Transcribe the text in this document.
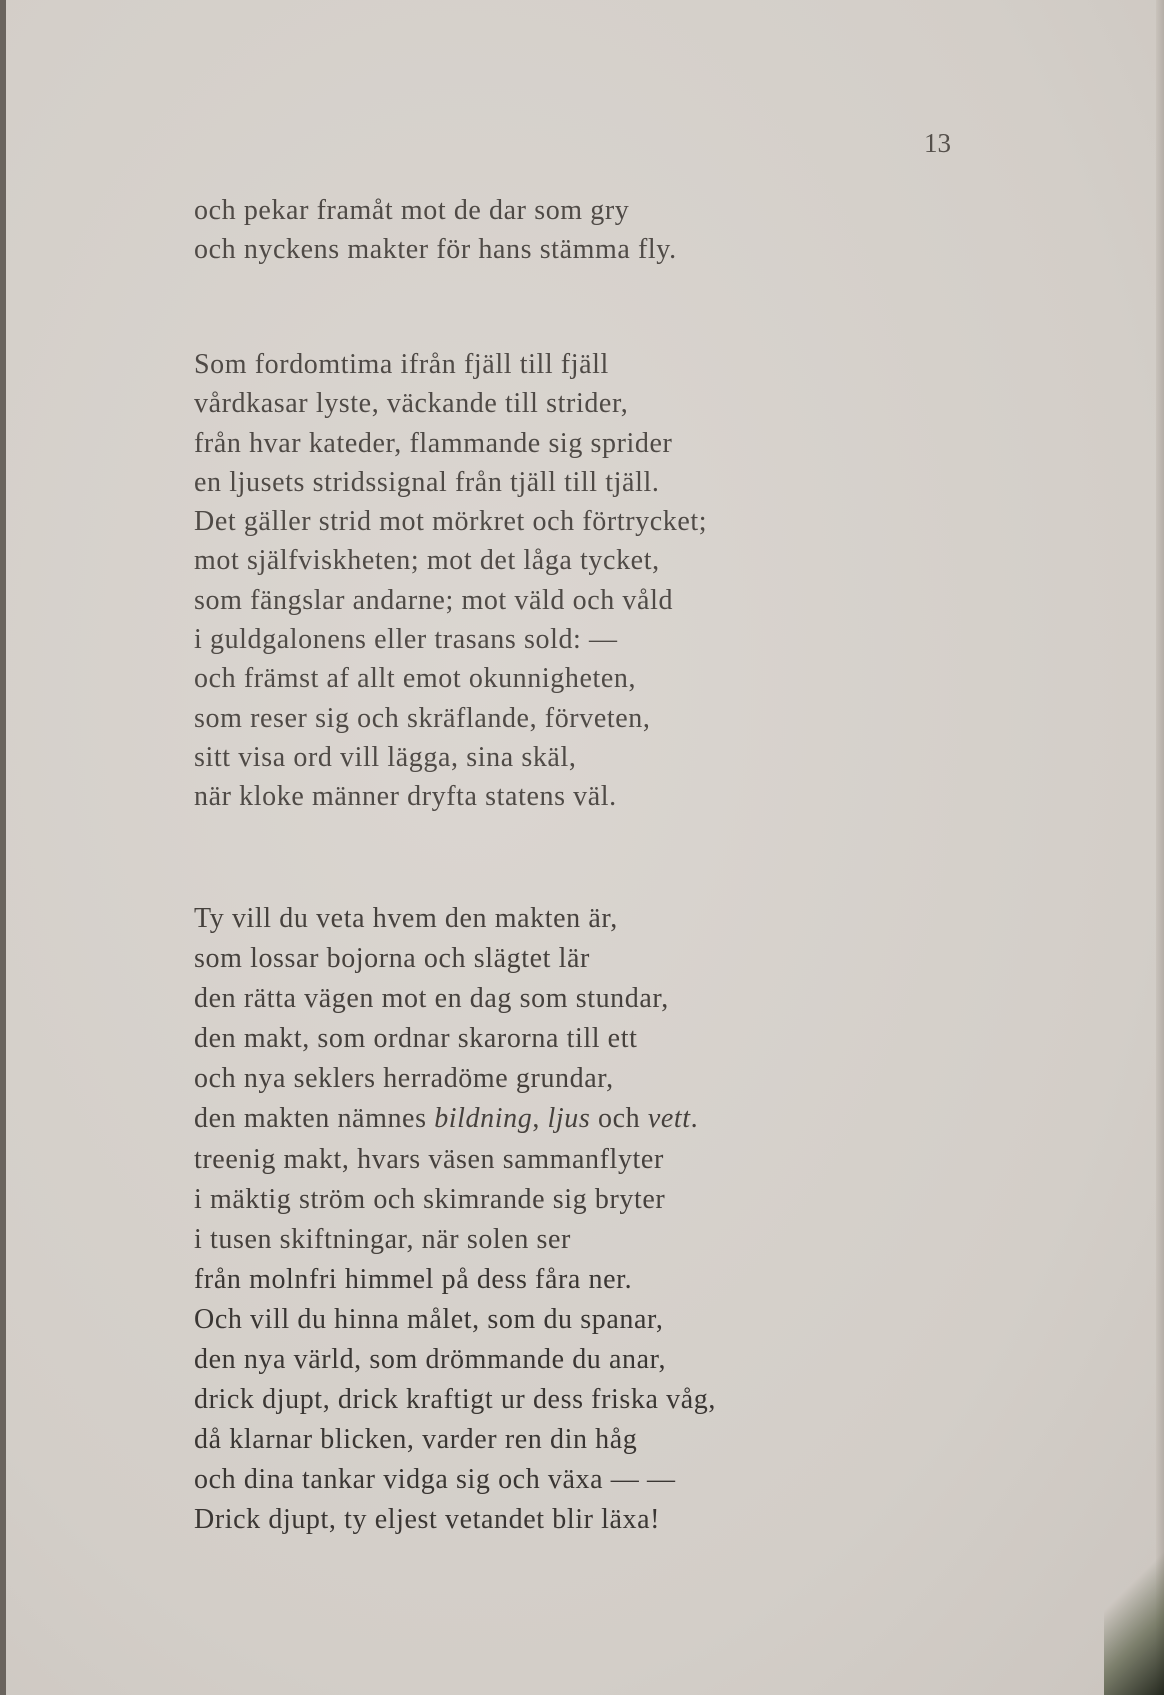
13

och pekar framåt mot de dar som gry
och nyckens makter för hans stämma fly.
Som fordomtima ifrån fjäll till fjäll
vårdkasar lyste, väckande till strider,
från hvar kateder, flammande sig sprider
en ljusets stridssignal från tjäll till tjäll.
Det gäller strid mot mörkret och förtrycket;
mot själfviskheten; mot det låga tycket,
som fängslar andarne; mot väld och våld
i guldgalonens eller trasans sold: —
och främst af allt emot okunnigheten,
som reser sig och skräflande, förveten,
sitt visa ord vill lägga, sina skäl,
när kloke männer dryfta statens väl.
Ty vill du veta hvem den makten är,
som lossar bojorna och slägtet lär
den rätta vägen mot en dag som stundar,
den makt, som ordnar skarorna till ett
och nya seklers herradöme grundar,
den makten nämnes bildning, ljus och vett.
treenig makt, hvars väsen sammanflyter
i mäktig ström och skimrande sig bryter
i tusen skiftningar, när solen ser
från molnfri himmel på dess fåra ner.
Och vill du hinna målet, som du spanar,
den nya värld, som drömmande du anar,
drick djupt, drick kraftigt ur dess friska våg,
då klarnar blicken, varder ren din håg
och dina tankar vidga sig och växa — —
Drick djupt, ty eljest vetandet blir läxa!
